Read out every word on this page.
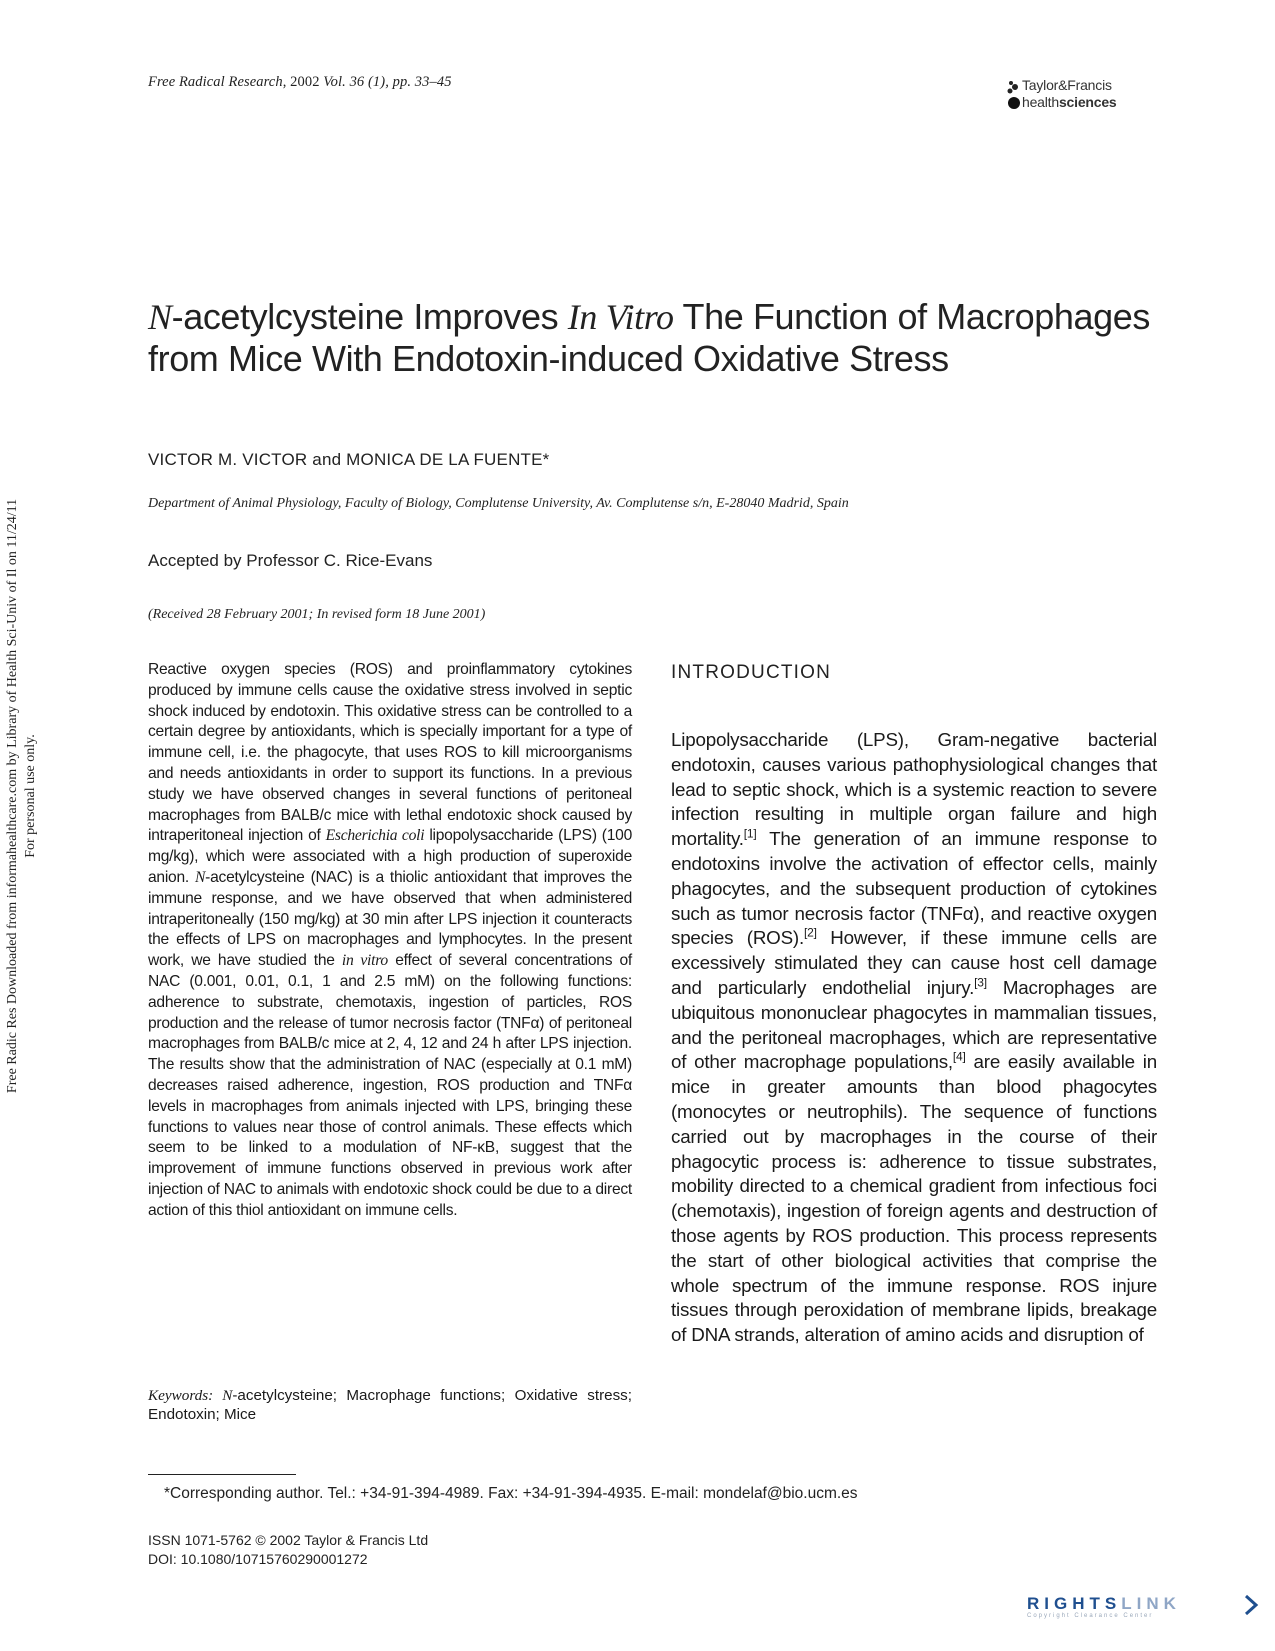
Free Radical Research, 2002 Vol. 36 (1), pp. 33–45	Taylor&Francis
healthsciences
Free Radic Res Downloaded from informahealthcare.com by Library of Health Sci-Univ of Il on 11/24/11 For personal use only.
N-acetylcysteine Improves In Vitro The Function of Macrophages from Mice With Endotoxin-induced Oxidative Stress
VICTOR M. VICTOR and MONICA DE LA FUENTE*
Department of Animal Physiology, Faculty of Biology, Complutense University, Av. Complutense s/n, E-28040 Madrid, Spain
Accepted by Professor C. Rice-Evans
(Received 28 February 2001; In revised form 18 June 2001)
Reactive oxygen species (ROS) and proinflammatory cytokines produced by immune cells cause the oxidative stress involved in septic shock induced by endotoxin. This oxidative stress can be controlled to a certain degree by antioxidants, which is specially important for a type of immune cell, i.e. the phagocyte, that uses ROS to kill microorganisms and needs antioxidants in order to support its functions. In a previous study we have observed changes in several functions of peritoneal macrophages from BALB/c mice with lethal endotoxic shock caused by intraperitoneal injection of Escherichia coli lipopolysaccharide (LPS) (100 mg/kg), which were associated with a high production of superoxide anion. N-acetylcysteine (NAC) is a thiolic antioxidant that improves the immune response, and we have observed that when administered intraperitoneally (150 mg/kg) at 30 min after LPS injection it counteracts the effects of LPS on macrophages and lymphocytes. In the present work, we have studied the in vitro effect of several concentrations of NAC (0.001, 0.01, 0.1, 1 and 2.5 mM) on the following functions: adherence to substrate, chemotaxis, ingestion of particles, ROS production and the release of tumor necrosis factor (TNFα) of peritoneal macrophages from BALB/c mice at 2, 4, 12 and 24 h after LPS injection. The results show that the administration of NAC (especially at 0.1 mM) decreases raised adherence, ingestion, ROS production and TNFα levels in macrophages from animals injected with LPS, bringing these functions to values near those of control animals. These effects which seem to be linked to a modulation of NF-κB, suggest that the improvement of immune functions observed in previous work after injection of NAC to animals with endotoxic shock could be due to a direct action of this thiol antioxidant on immune cells.
Keywords: N-acetylcysteine; Macrophage functions; Oxidative stress; Endotoxin; Mice
INTRODUCTION
Lipopolysaccharide (LPS), Gram-negative bacterial endotoxin, causes various pathophysiological changes that lead to septic shock, which is a systemic reaction to severe infection resulting in multiple organ failure and high mortality.[1] The generation of an immune response to endotoxins involve the activation of effector cells, mainly phagocytes, and the subsequent production of cytokines such as tumor necrosis factor (TNFα), and reactive oxygen species (ROS).[2] However, if these immune cells are excessively stimulated they can cause host cell damage and particularly endothelial injury.[3] Macrophages are ubiquitous mononuclear phagocytes in mammalian tissues, and the peritoneal macrophages, which are representative of other macrophage populations,[4] are easily available in mice in greater amounts than blood phagocytes (monocytes or neutrophils). The sequence of functions carried out by macrophages in the course of their phagocytic process is: adherence to tissue substrates, mobility directed to a chemical gradient from infectious foci (chemotaxis), ingestion of foreign agents and destruction of those agents by ROS production. This process represents the start of other biological activities that comprise the whole spectrum of the immune response. ROS injure tissues through peroxidation of membrane lipids, breakage of DNA strands, alteration of amino acids and disruption of
*Corresponding author. Tel.: +34-91-394-4989. Fax: +34-91-394-4935. E-mail: mondelaf@bio.ucm.es
ISSN 1071-5762 © 2002 Taylor & Francis Ltd
DOI: 10.1080/10715760290001272
RIGHTSLINK
Copyright Clearance Center
